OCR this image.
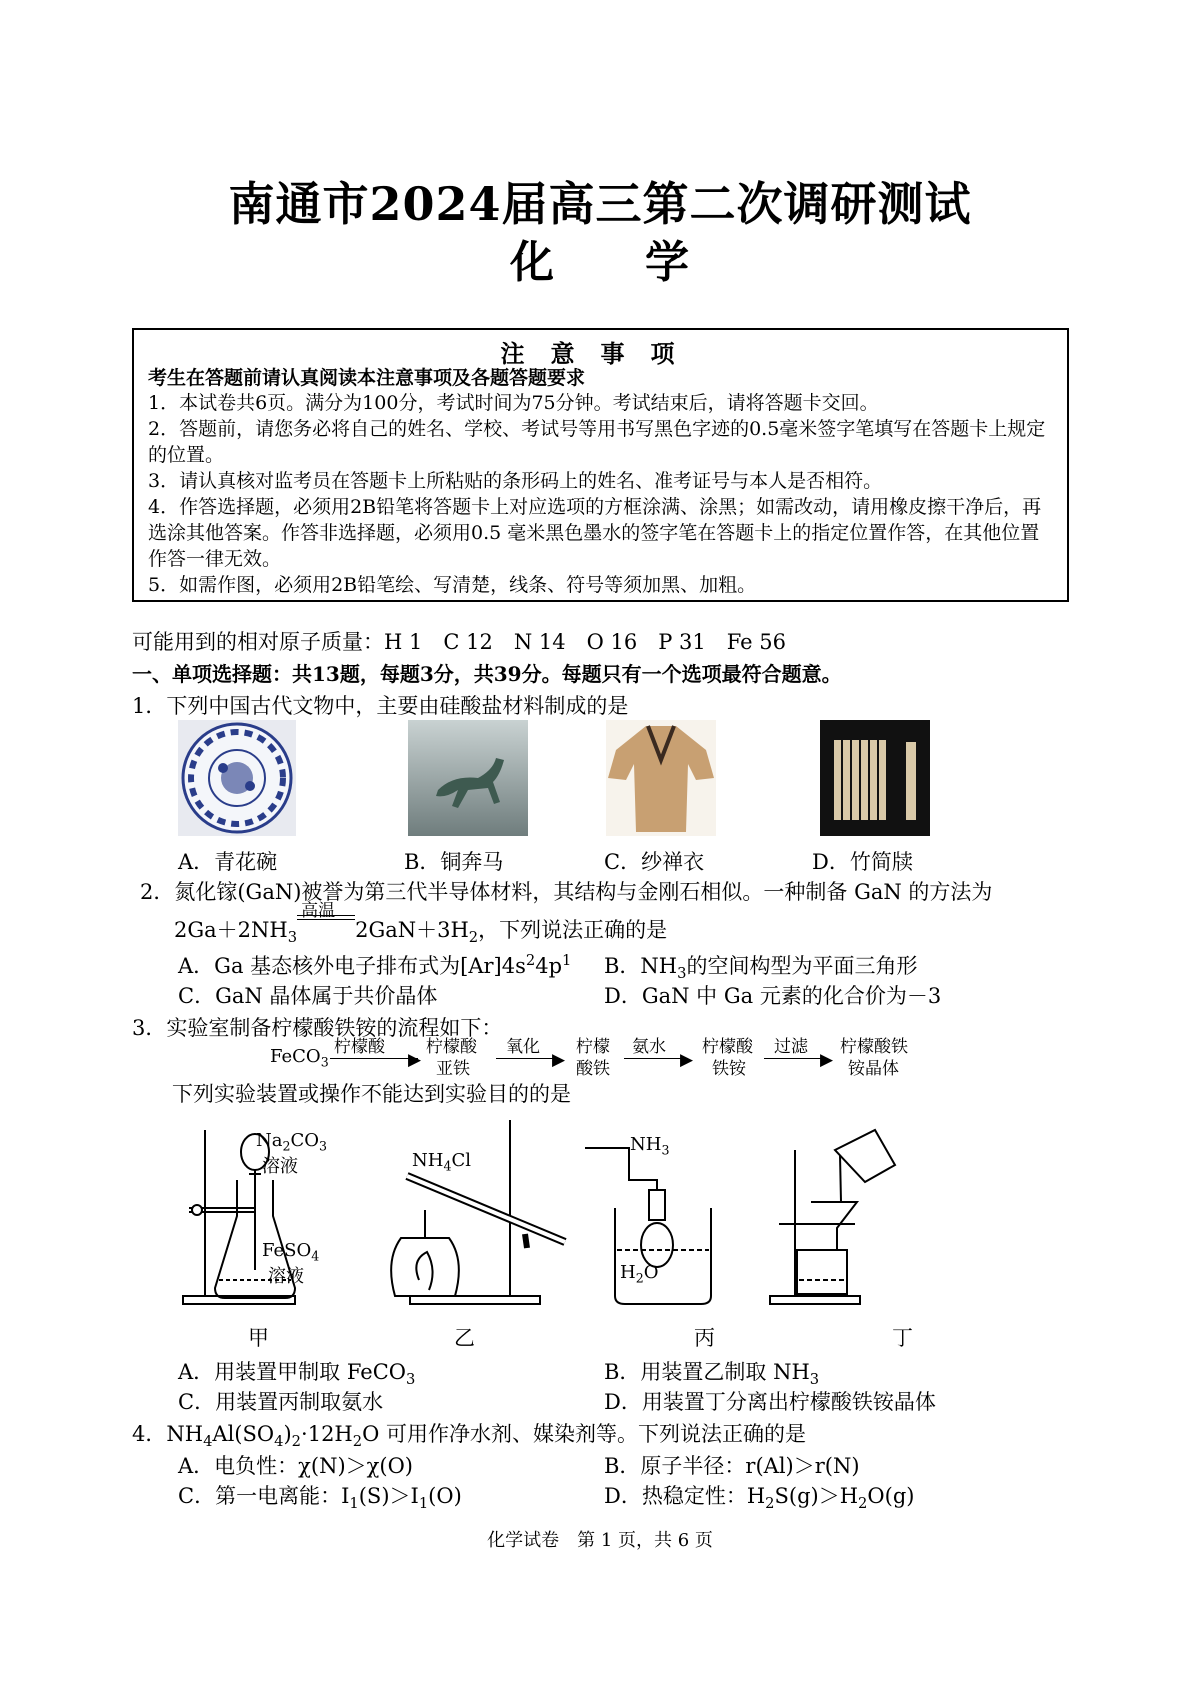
南通市2024届高三第二次调研测试
化　　学
注意事项
考生在答题前请认真阅读本注意事项及各题答题要求
1．本试卷共6页。满分为100分，考试时间为75分钟。考试结束后，请将答题卡交回。
2．答题前，请您务必将自己的姓名、学校、考试号等用书写黑色字迹的0.5毫米签字笔填写在答题卡上规定的位置。
3．请认真核对监考员在答题卡上所粘贴的条形码上的姓名、准考证号与本人是否相符。
4．作答选择题，必须用2B铅笔将答题卡上对应选项的方框涂满、涂黑；如需改动，请用橡皮擦干净后，再选涂其他答案。作答非选择题，必须用0.5 毫米黑色墨水的签字笔在答题卡上的指定位置作答，在其他位置作答一律无效。
5．如需作图，必须用2B铅笔绘、写清楚，线条、符号等须加黑、加粗。
可能用到的相对原子质量：H 1　C 12　N 14　O 16　P 31　Fe 56
一、单项选择题：共13题，每题3分，共39分。每题只有一个选项最符合题意。
1．下列中国古代文物中，主要由硅酸盐材料制成的是
A．青花碗	B．铜奔马	C．纱禅衣	D．竹简牍
2．氮化镓(GaN)被誉为第三代半导体材料，其结构与金刚石相似。一种制备 GaN 的方法为
$2Ga+2NH_3$
高温
$2GaN+3H_2$，下列说法正确的是
A．Ga 基态核外电子排布式为$[Ar]4s^24p^1$ B．$NH_3$的空间构型为平面三角形
C．GaN 晶体属于共价晶体	D．GaN 中 Ga 元素的化合价为－3
3．实验室制备柠檬酸铁铵的流程如下：
FeCO$_3$
柠檬酸
▶
柠檬酸
亚铁
氧化
▶
柠檬
酸铁
氨水
▶
柠檬酸
铁铵
过滤
▶
柠檬酸铁
铵晶体
下列实验装置或操作不能达到实验目的的是
$Na_2CO_3$
溶液
FeSO$_4$
溶液
$NH_4Cl$
$NH_3$
$H_2O$
甲	乙	丙	丁
A．用装置甲制取 FeCO$_3$	B．用装置乙制取 $NH_3$
C．用装置丙制取氨水	D．用装置丁分离出柠檬酸铁铵晶体
4．$NH_4Al(SO_4)_2\cdot 12H_2O$ 可用作净水剂、媒染剂等。下列说法正确的是
A．电负性：χ(N)＞χ(O)	B．原子半径：r(Al)＞r(N)
C．第一电离能：$I_1(S)>I_1(O)$	D．热稳定性：$H_2S(g)>H_2O(g)$
化学试卷　第 1 页，共 6 页
